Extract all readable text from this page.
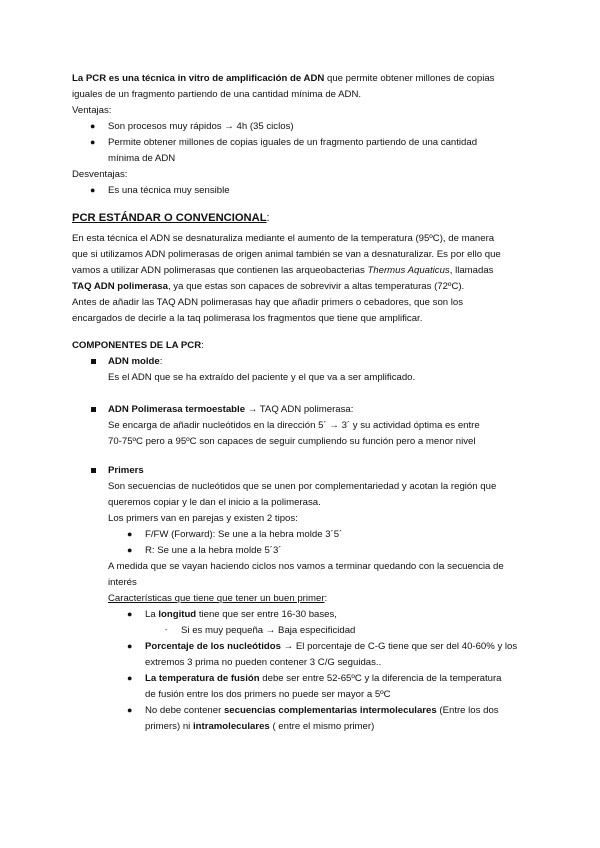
La PCR es una técnica in vitro de amplificación de ADN que permite obtener millones de copias
iguales de un fragmento partiendo de una cantidad mínima de ADN.
Ventajas:
● Son procesos muy rápidos → 4h (35 ciclos)
● Permite obtener millones de copias iguales de un fragmento partiendo de una cantidad
mínima de ADN
Desventajas:
● Es una técnica muy sensible
PCR ESTÁNDAR O CONVENCIONAL:
En esta técnica el ADN se desnaturaliza mediante el aumento de la temperatura (95ºC), de manera
que si utilizamos ADN polimerasas de origen animal también se van a desnaturalizar. Es por ello que
vamos a utilizar ADN polimerasas que contienen las arqueobacterias Thermus Aquaticus, llamadas
TAQ ADN polimerasa, ya que estas son capaces de sobrevivir a altas temperaturas (72ºC).
Antes de añadir las TAQ ADN polimerasas hay que añadir primers o cebadores, que son los
encargados de decirle a la taq polimerasa los fragmentos que tiene que amplificar.
COMPONENTES DE LA PCR:
ADN molde:
Es el ADN que se ha extraído del paciente y el que va a ser amplificado.
ADN Polimerasa termoestable → TAQ ADN polimerasa:
Se encarga de añadir nucleótidos en la dirección 5´ → 3´ y su actividad óptima es entre
70-75ºC pero a 95ºC son capaces de seguir cumpliendo su función pero a menor nivel
Primers
Son secuencias de nucleótidos que se unen por complementariedad y acotan la región que
queremos copiar y le dan el inicio a la polimerasa.
Los primers van en parejas y existen 2 tipos:
● F/FW (Forward): Se une a la hebra molde 3´5´
● R: Se une a la hebra molde 5´3´
A medida que se vayan haciendo ciclos nos vamos a terminar quedando con la secuencia de
interés
Características que tiene que tener un buen primer:
● La longitud tiene que ser entre 16-30 bases,
- Si es muy pequeña → Baja especificidad
● Porcentaje de los nucleótidos → El porcentaje de C-G tiene que ser del 40-60% y los
extremos 3 prima no pueden contener 3 C/G seguidas..
● La temperatura de fusión debe ser entre 52-65ºC y la diferencia de la temperatura
de fusión entre los dos primers no puede ser mayor a 5ºC
● No debe contener secuencias complementarias intermoleculares (Entre los dos
primers) ni intramoleculares ( entre el mismo primer)
